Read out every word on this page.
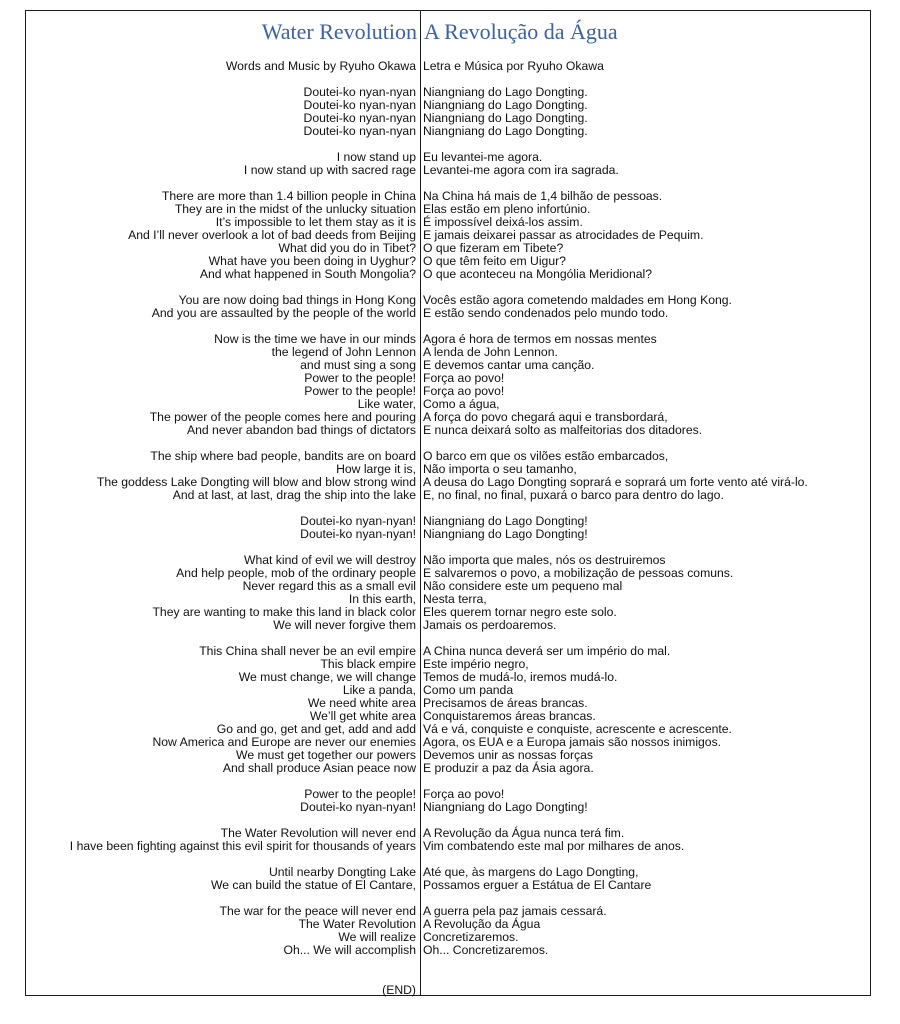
Water Revolution A Revolução da Água
Words and Music by Ryuho Okawa
Doutei-ko nyan-nyan
Doutei-ko nyan-nyan
Doutei-ko nyan-nyan
Doutei-ko nyan-nyan
I now stand up
I now stand up with sacred rage
There are more than 1.4 billion people in China
They are in the midst of the unlucky situation
It’s impossible to let them stay as it is
And I’ll never overlook a lot of bad deeds from Beijing
What did you do in Tibet?
What have you been doing in Uyghur?
And what happened in South Mongolia?
You are now doing bad things in Hong Kong
And you are assaulted by the people of the world
Now is the time we have in our minds
the legend of John Lennon
and must sing a song
Power to the people!
Power to the people!
Like water,
The power of the people comes here and pouring
And never abandon bad things of dictators
The ship where bad people, bandits are on board
How large it is,
The goddess Lake Dongting will blow and blow strong wind
And at last, at last, drag the ship into the lake
Doutei-ko nyan-nyan!
Doutei-ko nyan-nyan!
What kind of evil we will destroy
And help people, mob of the ordinary people
Never regard this as a small evil
In this earth,
They are wanting to make this land in black color
We will never forgive them
This China shall never be an evil empire
This black empire
We must change, we will change
Like a panda,
We need white area
We’ll get white area
Go and go, get and get, add and add
Now America and Europe are never our enemies
We must get together our powers
And shall produce Asian peace now
Power to the people!
Doutei-ko nyan-nyan!
The Water Revolution will never end
I have been fighting against this evil spirit for thousands of years
Until nearby Dongting Lake
We can build the statue of El Cantare,
The war for the peace will never end
The Water Revolution
We will realize
Oh... We will accomplish
Letra e Música por Ryuho Okawa
Niangniang do Lago Dongting.
Niangniang do Lago Dongting.
Niangniang do Lago Dongting.
Niangniang do Lago Dongting.
Eu levantei-me agora.
Levantei-me agora com ira sagrada.
Na China há mais de 1,4 bilhão de pessoas.
Elas estão em pleno infortúnio.
É impossível deixá-los assim.
E jamais deixarei passar as atrocidades de Pequim.
O que fizeram em Tibete?
O que têm feito em Uigur?
O que aconteceu na Mongólia Meridional?
Vocês estão agora cometendo maldades em Hong Kong.
E estão sendo condenados pelo mundo todo.
Agora é hora de termos em nossas mentes
A lenda de John Lennon.
E devemos cantar uma canção.
Força ao povo!
Força ao povo!
Como a água,
A força do povo chegará aqui e transbordará,
E nunca deixará solto as malfeitorias dos ditadores.
O barco em que os vilões estão embarcados,
Não importa o seu tamanho,
A deusa do Lago Dongting soprará e soprará um forte vento até virá-lo.
E, no final, no final, puxará o barco para dentro do lago.
Niangniang do Lago Dongting!
Niangniang do Lago Dongting!
Não importa que males, nós os destruiremos
E salvaremos o povo, a mobilização de pessoas comuns.
Não considere este um pequeno mal
Nesta terra,
Eles querem tornar negro este solo.
Jamais os perdoaremos.
A China nunca deverá ser um império do mal.
Este império negro,
Temos de mudá-lo, iremos mudá-lo.
Como um panda
Precisamos de áreas brancas.
Conquistaremos áreas brancas.
Vá e vá, conquiste e conquiste, acrescente e acrescente.
Agora, os EUA e a Europa jamais são nossos inimigos.
Devemos unir as nossas forças
E produzir a paz da Ásia agora.
Força ao povo!
Niangniang do Lago Dongting!
A Revolução da Água nunca terá fim.
Vim combatendo este mal por milhares de anos.
Até que, às margens do Lago Dongting,
Possamos erguer a Estátua de El Cantare
A guerra pela paz jamais cessará.
A Revolução da Água
Concretizaremos.
Oh... Concretizaremos.
(END)
